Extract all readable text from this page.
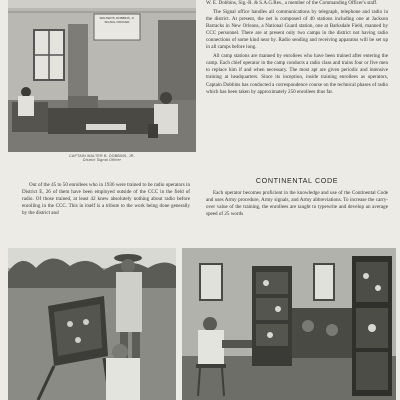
WALTER B. DOBBINS, Jr.
SIGNAL OFFICER
CAPTAIN WALTER B. DOBBINS, JR.
District Signal Officer

W. E. Dobbins, Sig.-R. & S.A.G.Res., a member of the Commanding Officer's staff.

The Signal office handles all communications by telegraph, telephone and radio in the district. At present, the net is composed of 40 stations including one at Jackson Barracks in New Orleans, a National Guard station, one at Barksdale Field, manned by CCC personnel. There are at present only two camps in the district not having radio connections of some kind near by. Radio sending and receiving apparatus will be set up in all camps before long.

All camp stations are manned by enrollees who have been trained after entering the camp. Each chief operator in the camp conducts a radio class and trains four or five men to replace him if and when necessary. The most apt are given periodic and intensive training at headquarters. Since its inception, inside training enrollees as operators, Captain Dobbins has conducted a correspondence course on the technical phases of radio which has been taken by approximately 250 enrollees thus far.

Out of the 45 to 50 enrollees who in 1936 were trained to be radio operators in District E, 26 of them have been employed outside of the CCC in the field of radio. Of those trained, at least 42 knew absolutely nothing about radio before enrolling in the CCC. This in itself is a tribute to the work being done generally by the district and

CONTINENTAL CODE

Each operator becomes proficient in the knowledge and use of the Continental Code and uses Army procedure, Army signals, and Army abbreviations. To increase the carry-over value of the training, the enrollees are taught to typewrite and develop an average speed of 25 words
